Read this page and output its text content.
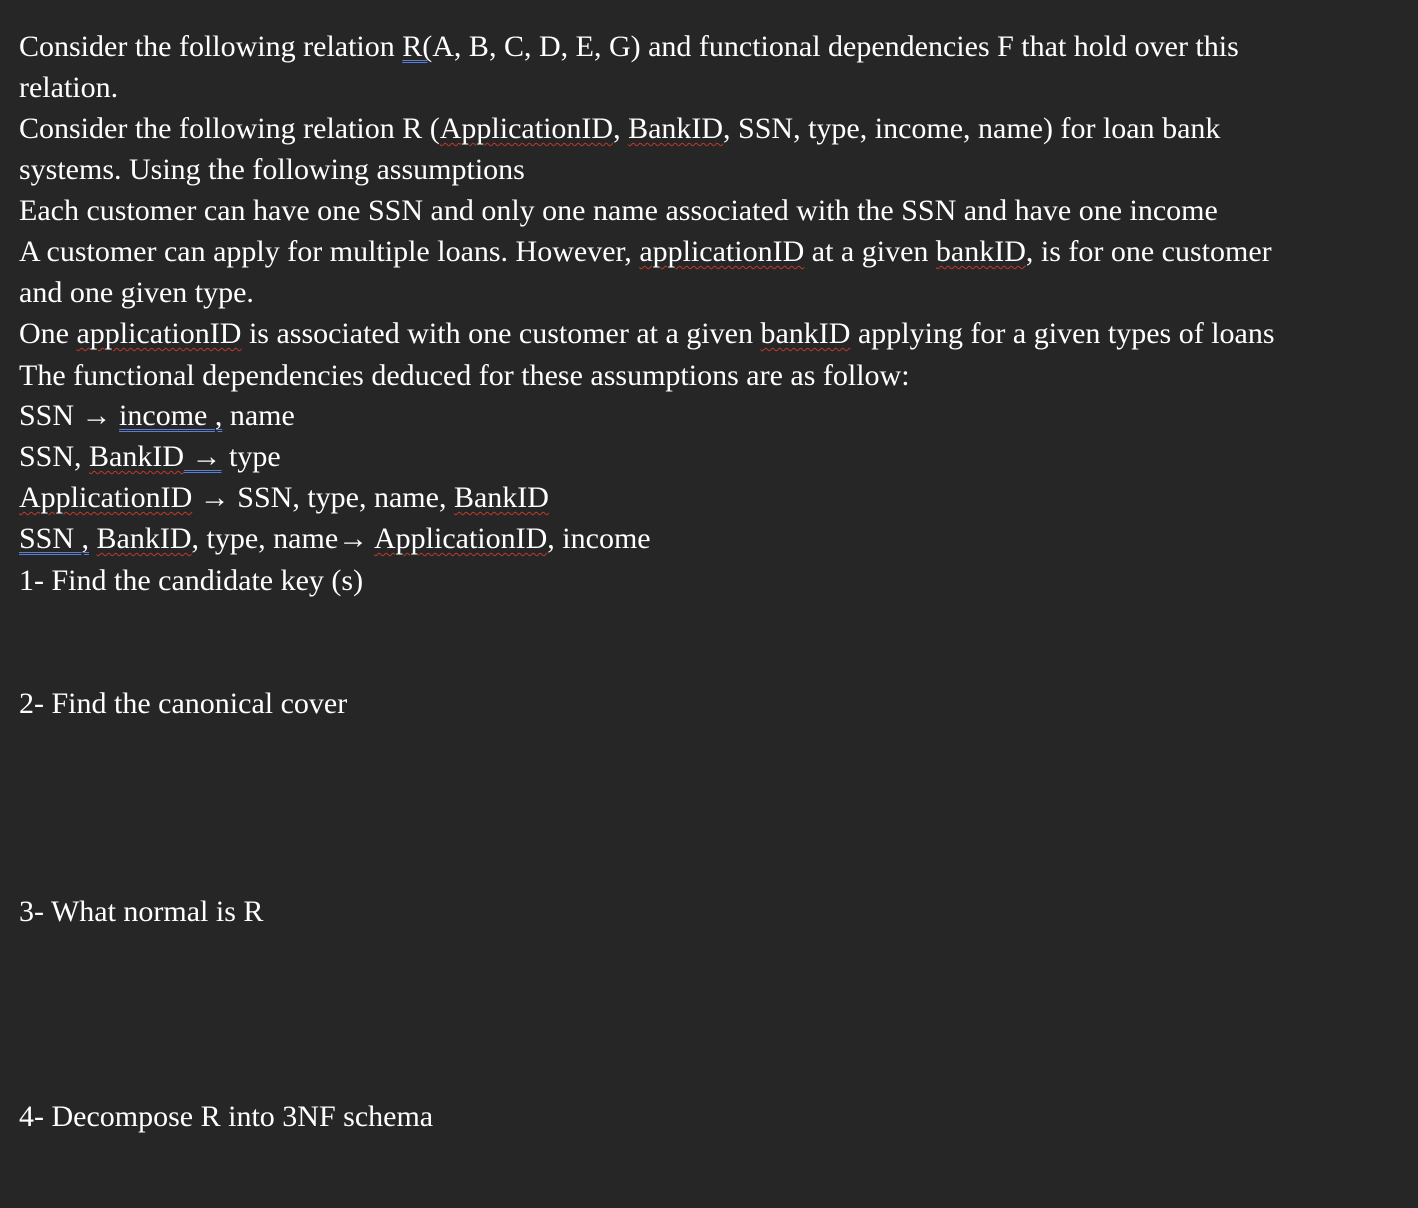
Consider the following relation R(A, B, C, D, E, G) and functional dependencies F that hold over this
relation.
Consider the following relation R (ApplicationID, BankID, SSN, type, income, name) for loan bank
systems. Using the following assumptions
Each customer can have one SSN and only one name associated with the SSN and have one income
A customer can apply for multiple loans. However, applicationID at a given bankID, is for one customer
and one given type.
One applicationID is associated with one customer at a given bankID applying for a given types of loans
The functional dependencies deduced for these assumptions are as follow:
SSN → income , name
SSN, BankID → type
ApplicationID → SSN, type, name, BankID
SSN , BankID, type, name→ ApplicationID, income
1- Find the candidate key (s)
2- Find the canonical cover
3- What normal is R
4- Decompose R into 3NF schema
